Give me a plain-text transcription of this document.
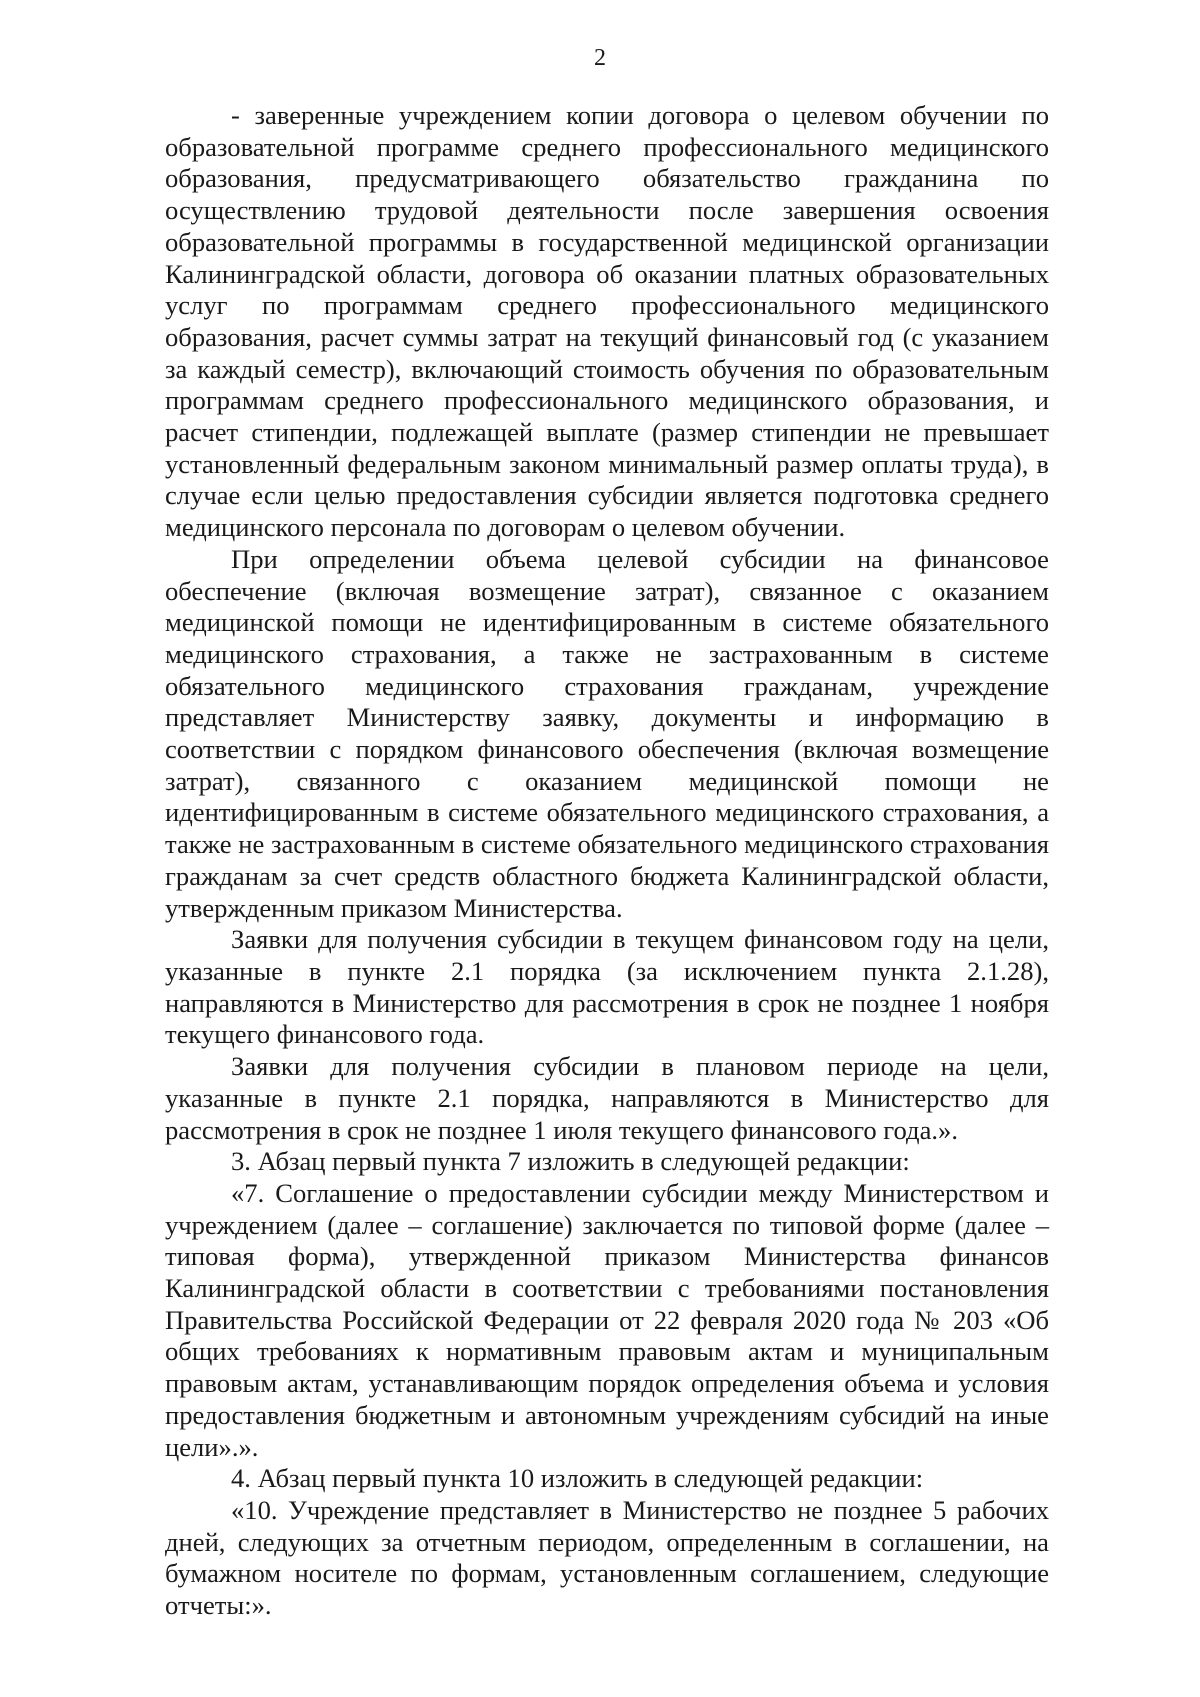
2

- заверенные учреждением копии договора о целевом обучении по образовательной программе среднего профессионального медицинского образования, предусматривающего обязательство гражданина по осуществлению трудовой деятельности после завершения освоения образовательной программы в государственной медицинской организации Калининградской области, договора об оказании платных образовательных услуг по программам среднего профессионального медицинского образования, расчет суммы затрат на текущий финансовый год (с указанием за каждый семестр), включающий стоимость обучения по образовательным программам среднего профессионального медицинского образования, и расчет стипендии, подлежащей выплате (размер стипендии не превышает установленный федеральным законом минимальный размер оплаты труда), в случае если целью предоставления субсидии является подготовка среднего медицинского персонала по договорам о целевом обучении.

При определении объема целевой субсидии на финансовое обеспечение (включая возмещение затрат), связанное с оказанием медицинской помощи не идентифицированным в системе обязательного медицинского страхования, а также не застрахованным в системе обязательного медицинского страхования гражданам, учреждение представляет Министерству заявку, документы и информацию в соответствии с порядком финансового обеспечения (включая возмещение затрат), связанного с оказанием медицинской помощи не идентифицированным в системе обязательного медицинского страхования, а также не застрахованным в системе обязательного медицинского страхования гражданам за счет средств областного бюджета Калининградской области, утвержденным приказом Министерства.

Заявки для получения субсидии в текущем финансовом году на цели, указанные в пункте 2.1 порядка (за исключением пункта 2.1.28), направляются в Министерство для рассмотрения в срок не позднее 1 ноября текущего финансового года.

Заявки для получения субсидии в плановом периоде на цели, указанные в пункте 2.1 порядка, направляются в Министерство для рассмотрения в срок не позднее 1 июля текущего финансового года.».

3. Абзац первый пункта 7 изложить в следующей редакции:

«7. Соглашение о предоставлении субсидии между Министерством и учреждением (далее – соглашение) заключается по типовой форме (далее – типовая форма), утвержденной приказом Министерства финансов Калининградской области в соответствии с требованиями постановления Правительства Российской Федерации от 22 февраля 2020 года № 203 «Об общих требованиях к нормативным правовым актам и муниципальным правовым актам, устанавливающим порядок определения объема и условия предоставления бюджетным и автономным учреждениям субсидий на иные цели».».

4. Абзац первый пункта 10 изложить в следующей редакции:

«10. Учреждение представляет в Министерство не позднее 5 рабочих дней, следующих за отчетным периодом, определенным в соглашении, на бумажном носителе по формам, установленным соглашением, следующие отчеты:».
